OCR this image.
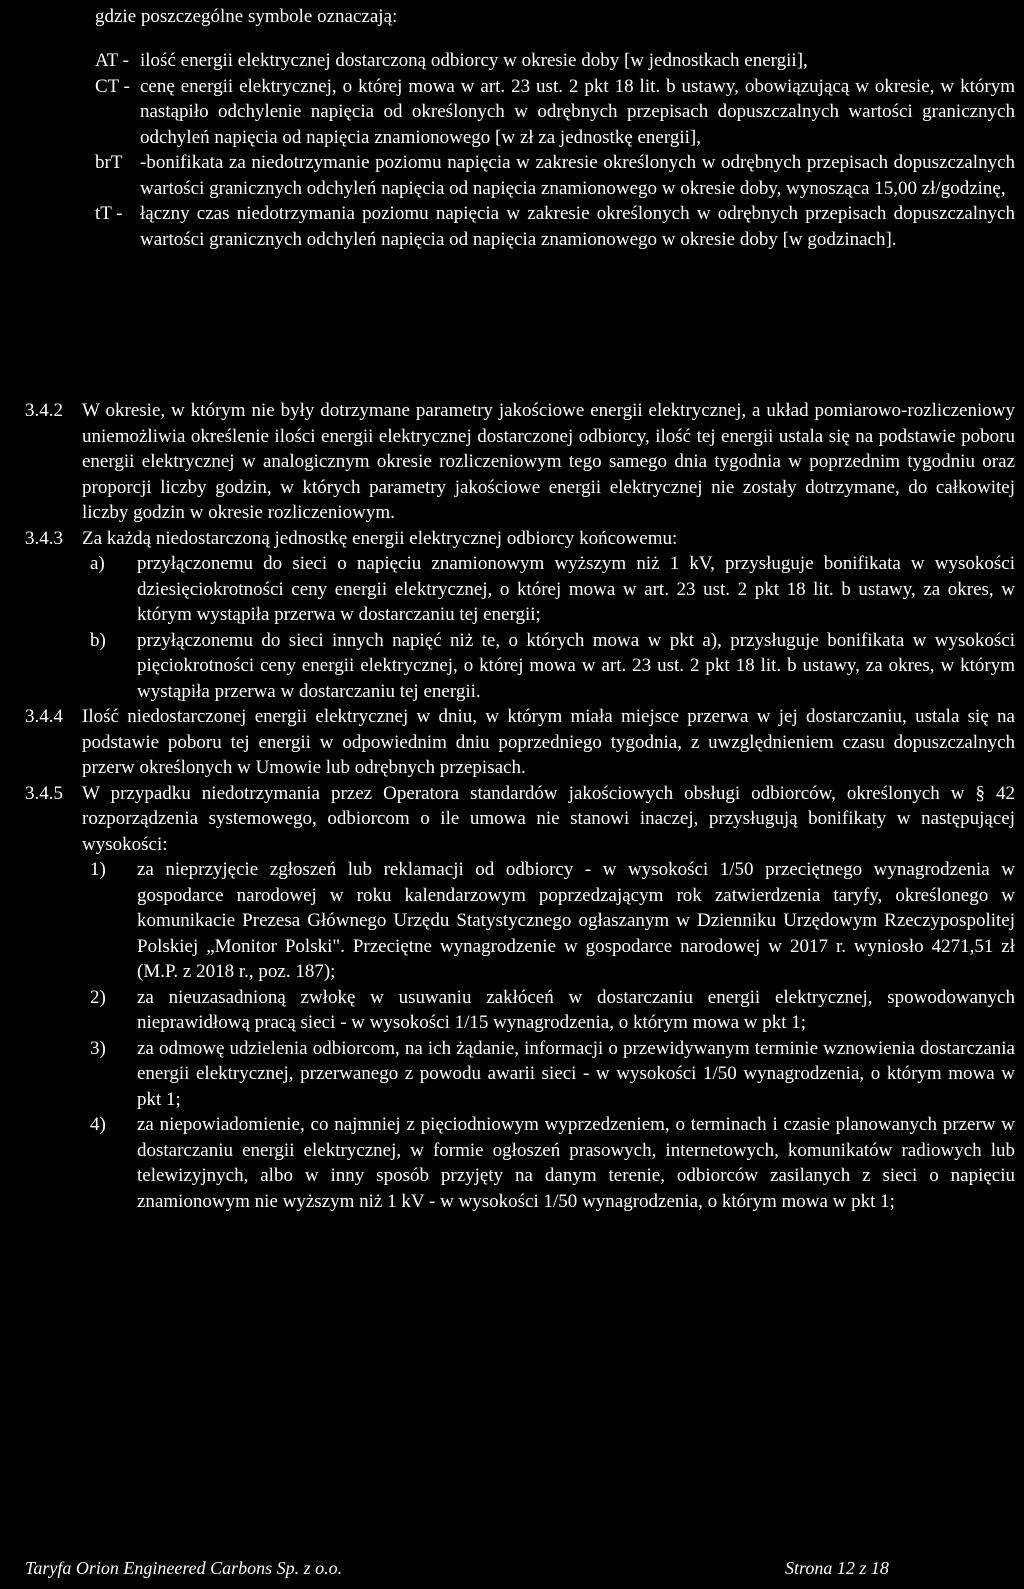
gdzie poszczególne symbole oznaczają:
AT - ilość energii elektrycznej dostarczoną odbiorcy w okresie doby [w jednostkach energii],
CT - cenę energii elektrycznej, o której mowa w art. 23 ust. 2 pkt 18 lit. b ustawy, obowiązującą w okresie, w którym nastąpiło odchylenie napięcia od określonych w odrębnych przepisach dopuszczalnych wartości granicznych odchyleń napięcia od napięcia znamionowego [w zł za jednostkę energii],
brT -bonifikata za niedotrzymanie poziomu napięcia w zakresie określonych w odrębnych przepisach dopuszczalnych wartości granicznych odchyleń napięcia od napięcia znamionowego w okresie doby, wynosząca 15,00 zł/godzinę,
tT - łączny czas niedotrzymania poziomu napięcia w zakresie określonych w odrębnych przepisach dopuszczalnych wartości granicznych odchyleń napięcia od napięcia znamionowego w okresie doby [w godzinach].
3.4.2	W okresie, w którym nie były dotrzymane parametry jakościowe energii elektrycznej, a układ pomiarowo-rozliczeniowy uniemożliwia określenie ilości energii elektrycznej dostarczonej odbiorcy, ilość tej energii ustala się na podstawie poboru energii elektrycznej w analogicznym okresie rozliczeniowym tego samego dnia tygodnia w poprzednim tygodniu oraz proporcji liczby godzin, w których parametry jakościowe energii elektrycznej nie zostały dotrzymane, do całkowitej liczby godzin w okresie rozliczeniowym.
3.4.3	Za każdą niedostarczoną jednostkę energii elektrycznej odbiorcy końcowemu:
a)	przyłączonemu do sieci o napięciu znamionowym wyższym niż 1 kV, przysługuje bonifikata w wysokości dziesięciokrotności ceny energii elektrycznej, o której mowa w art. 23 ust. 2 pkt 18 lit. b ustawy, za okres, w którym wystąpiła przerwa w dostarczaniu tej energii;
b)	przyłączonemu do sieci innych napięć niż te, o których mowa w pkt a), przysługuje bonifikata w wysokości pięciokrotności ceny energii elektrycznej, o której mowa w art. 23 ust. 2 pkt 18 lit. b ustawy, za okres, w którym wystąpiła przerwa w dostarczaniu tej energii.
3.4.4	Ilość niedostarczonej energii elektrycznej w dniu, w którym miała miejsce przerwa w jej dostarczaniu, ustala się na podstawie poboru tej energii w odpowiednim dniu poprzedniego tygodnia, z uwzględnieniem czasu dopuszczalnych przerw określonych w Umowie lub odrębnych przepisach.
3.4.5	W przypadku niedotrzymania przez Operatora standardów jakościowych obsługi odbiorców, określonych w § 42 rozporządzenia systemowego, odbiorcom o ile umowa nie stanowi inaczej, przysługują bonifikaty w następującej wysokości:
1)	za nieprzyjęcie zgłoszeń lub reklamacji od odbiorcy - w wysokości 1/50 przeciętnego wynagrodzenia w gospodarce narodowej w roku kalendarzowym poprzedzającym rok zatwierdzenia taryfy, określonego w komunikacie Prezesa Głównego Urzędu Statystycznego ogłaszanym w Dzienniku Urzędowym Rzeczypospolitej Polskiej „Monitor Polski". Przeciętne wynagrodzenie w gospodarce narodowej w 2017 r. wyniosło 4271,51 zł (M.P. z 2018 r., poz. 187);
2)	za nieuzasadnioną zwłokę w usuwaniu zakłóceń w dostarczaniu energii elektrycznej, spowodowanych nieprawidłową pracą sieci - w wysokości 1/15 wynagrodzenia, o którym mowa w pkt 1;
3)	za odmowę udzielenia odbiorcom, na ich żądanie, informacji o przewidywanym terminie wznowienia dostarczania energii elektrycznej, przerwanego z powodu awarii sieci - w wysokości 1/50 wynagrodzenia, o którym mowa w pkt 1;
4)	za niepowiadomienie, co najmniej z pięciodniowym wyprzedzeniem, o terminach i czasie planowanych przerw w dostarczaniu energii elektrycznej, w formie ogłoszeń prasowych, internetowych, komunikatów radiowych lub telewizyjnych, albo w inny sposób przyjęty na danym terenie, odbiorców zasilanych z sieci o napięciu znamionowym nie wyższym niż 1 kV - w wysokości 1/50 wynagrodzenia, o którym mowa w pkt 1;
Taryfa Orion Engineered Carbons Sp. z o.o.	Strona 12 z 18
